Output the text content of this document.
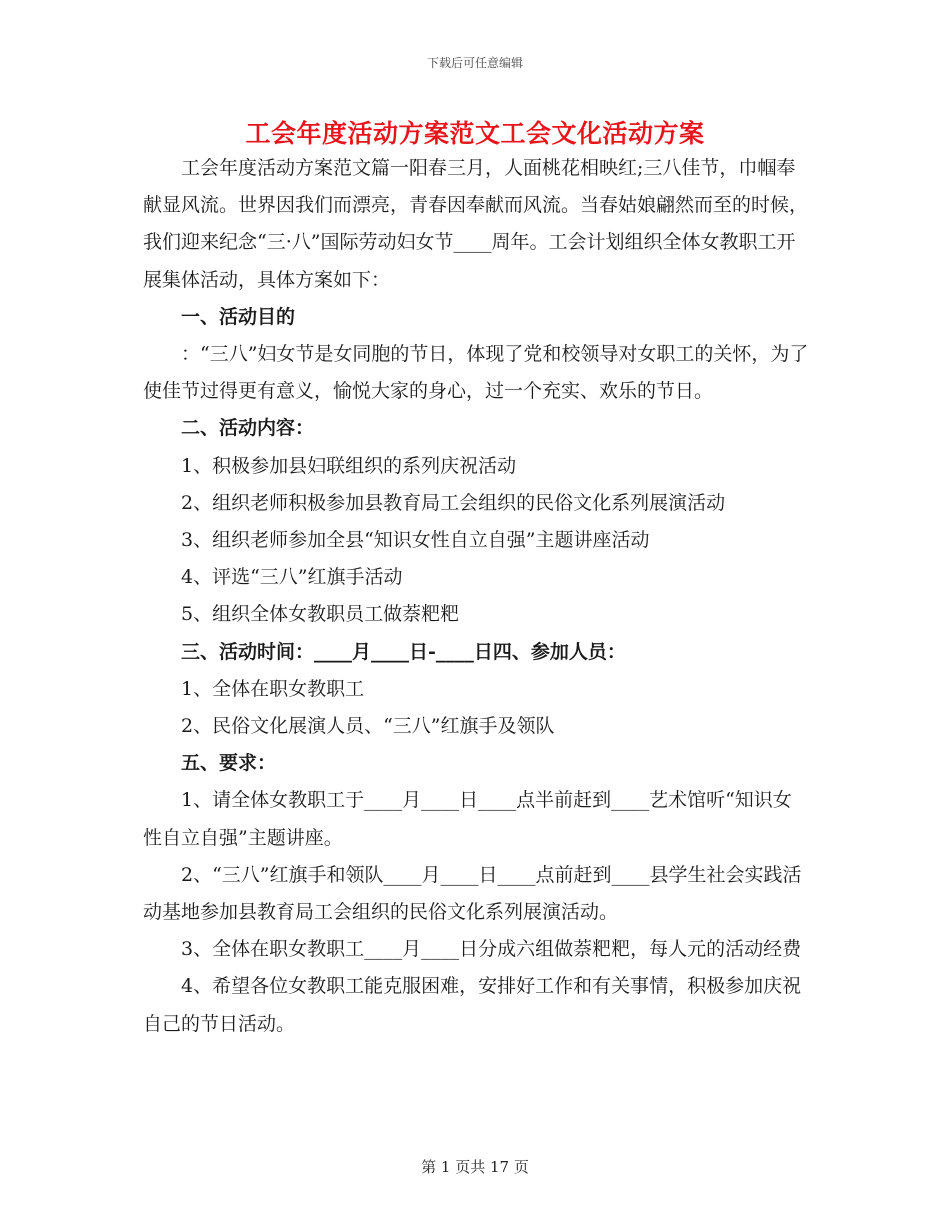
下载后可任意编辑
工会年度活动方案范文工会文化活动方案

工会年度活动方案范文篇一阳春三月，人面桃花相映红;三八佳节，巾帼奉献显风流。世界因我们而漂亮，青春因奉献而风流。当春姑娘翩然而至的时候，我们迎来纪念“三·八”国际劳动妇女节____周年。工会计划组织全体女教职工开展集体活动，具体方案如下：

一、活动目的

：“三八”妇女节是女同胞的节日，体现了党和校领导对女职工的关怀，为了使佳节过得更有意义，愉悦大家的身心，过一个充实、欢乐的节日。

二、活动内容：

1、积极参加县妇联组织的系列庆祝活动

2、组织老师积极参加县教育局工会组织的民俗文化系列展演活动

3、组织老师参加全县“知识女性自立自强”主题讲座活动

4、评选“三八”红旗手活动

5、组织全体女教职员工做萘粑粑

三、活动时间：____月____日-____日四、参加人员：

1、全体在职女教职工

2、民俗文化展演人员、“三八”红旗手及领队

五、要求：

1、请全体女教职工于____月____日____点半前赶到____艺术馆听“知识女性自立自强”主题讲座。

2、“三八”红旗手和领队____月____日____点前赶到____县学生社会实践活动基地参加县教育局工会组织的民俗文化系列展演活动。

3、全体在职女教职工____月____日分成六组做萘粑粑，每人元的活动经费

4、希望各位女教职工能克服困难，安排好工作和有关事情，积极参加庆祝自己的节日活动。

第 1 页共 17 页
